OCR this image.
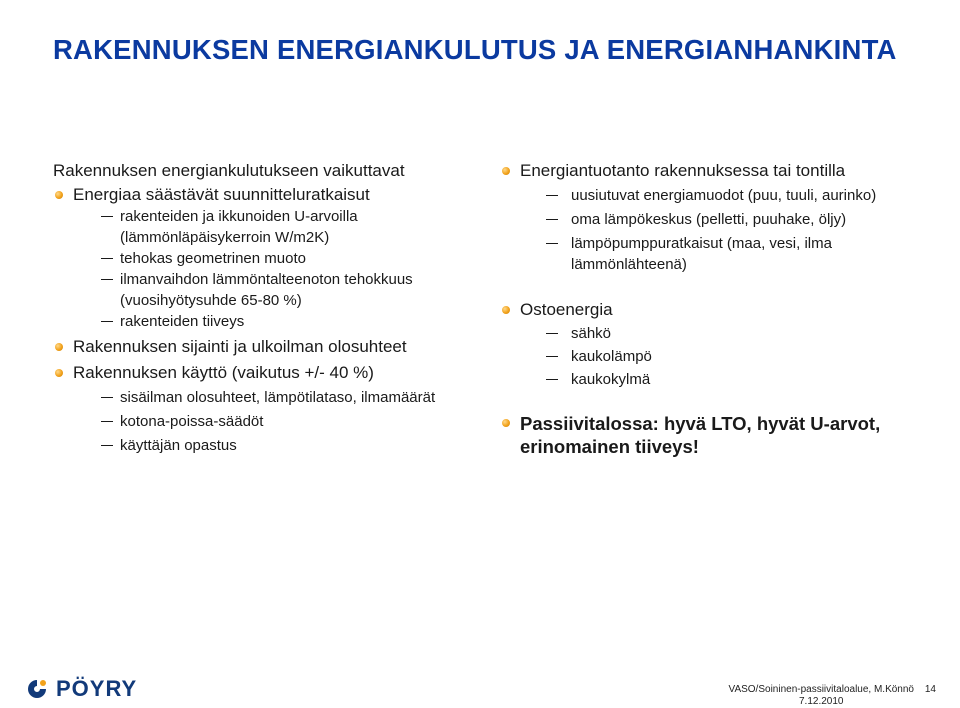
RAKENNUKSEN ENERGIANKULUTUS JA ENERGIANHANKINTA
Rakennuksen energiankulutukseen vaikuttavat
Energiaa säästävät suunnitteluratkaisut
rakenteiden ja ikkunoiden U-arvoilla (lämmönläpäisykerroin W/m2K)
tehokas geometrinen muoto
ilmanvaihdon lämmöntalteenoton tehokkuus (vuosihyötysuhde 65-80 %)
rakenteiden tiiveys
Rakennuksen sijainti ja ulkoilman olosuhteet
Rakennuksen käyttö (vaikutus +/- 40 %)
sisäilman olosuhteet, lämpötilataso, ilmamäärät
kotona-poissa-säädöt
käyttäjän opastus
Energiantuotanto rakennuksessa tai tontilla
uusiutuvat energiamuodot (puu, tuuli, aurinko)
oma lämpökeskus (pelletti, puuhake, öljy)
lämpöpumppuratkaisut (maa, vesi, ilma lämmönlähteenä)
Ostoenergia
sähkö
kaukolämpö
kaukokylmä
Passiivitalossa: hyvä LTO, hyvät U-arvot, erinomainen tiiveys!
PÖYRY	VASO/Soininen-passiivitaloalue, M.Könnö
7.12.2010
14
